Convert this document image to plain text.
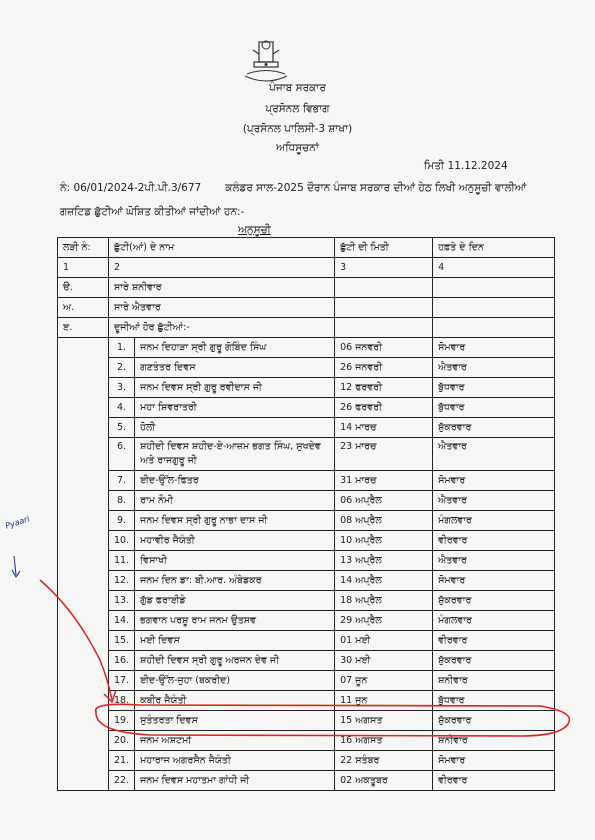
ਪੰਜਾਬ ਸਰਕਾਰ
ਪ੍ਰਸੋਨਲ ਵਿਭਾਗ
(ਪ੍ਰਸੋਨਲ ਪਾਲਿਸੀ-3 ਸ਼ਾਖਾ)
ਅਧਿਸੂਚਨਾਂ
ਮਿਤੀ 11.12.2024
ਨੰ: 06/01/2024-2ਪੀ.ਪੀ.3/677 ਕਲੰਡਰ ਸਾਲ-2025 ਦੌਰਾਨ ਪੰਜਾਬ ਸਰਕਾਰ ਦੀਆਂ ਹੇਠ ਲਿਖੀ ਅਨੁਸੂਚੀ ਵਾਲੀਆਂ
ਗਜ਼ਟਿਡ ਛੁੱਟੀਆਂ ਘੋਸ਼ਿਤ ਕੀਤੀਆਂ ਜਾਂਦੀਆਂ ਹਨ:-
ਅਨੁਸੂਚੀ
ਲੜੀ ਨੰ:	ਛੁੱਟੀ(ਆਂ) ਦੇ ਨਾਮ		ਛੁੱਟੀ ਦੀ ਮਿਤੀ	ਹਫ਼ਤੇ ਦੇ ਦਿਨ
1	2		3	4
ੳ.	ਸਾਰੇ ਸ਼ਨੀਵਾਰ			
ਅ.	ਸਾਰੇ ਐਤਵਾਰ			
ੲ.	ਦੂਜੀਆਂ ਹੋਰ ਛੁੱਟੀਆਂ:-			
	1.	ਜਨਮ ਦਿਹਾੜਾ ਸ੍ਰੀ ਗੁਰੂ ਗੋਬਿੰਦ ਸਿੰਘ	06 ਜਨਵਰੀ	ਸੋਮਵਾਰ
	2.	ਗਣਤੰਤਰ ਦਿਵਸ	26 ਜਨਵਰੀ	ਐਤਵਾਰ
	3.	ਜਨਮ ਦਿਵਸ ਸ੍ਰੀ ਗੁਰੂ ਰਵੀਦਾਸ ਜੀ	12 ਫਰਵਰੀ	ਬੁੱਧਵਾਰ
	4.	ਮਹਾ ਸ਼ਿਵਰਾਤਰੀ	26 ਫਰਵਰੀ	ਬੁੱਧਵਾਰ
	5.	ਹੋਲੀ	14 ਮਾਰਚ	ਸ਼ੁੱਕਰਵਾਰ
	6.	ਸ਼ਹੀਦੀ ਦਿਵਸ ਸ਼ਹੀਦ-ਏ-ਆਜ਼ਮ ਭਗਤ ਸਿੰਘ, ਸੁਖਦੇਵ ਅਤੇ ਰਾਜਗੁਰੂ ਜੀ	23 ਮਾਰਚ	ਐਤਵਾਰ
	7.	ਈਦ-ਉੱਲ-ਫਿਤਰ	31 ਮਾਰਚ	ਸੋਮਵਾਰ
	8.	ਰਾਮ ਨੌਮੀ	06 ਅਪ੍ਰੈਲ	ਐਤਵਾਰ
	9.	ਜਨਮ ਦਿਵਸ ਸ੍ਰੀ ਗੁਰੂ ਨਾਭਾ ਦਾਸ ਜੀ	08 ਅਪ੍ਰੈਲ	ਮੰਗਲਵਾਰ
	10.	ਮਹਾਵੀਰ ਜੈਯੰਤੀ	10 ਅਪ੍ਰੈਲ	ਵੀਰਵਾਰ
	11.	ਵਿਸਾਖੀ	13 ਅਪ੍ਰੈਲ	ਐਤਵਾਰ
	12.	ਜਨਮ ਦਿਨ ਡਾ: ਬੀ.ਆਰ. ਅੰਬੇਡਕਰ	14 ਅਪ੍ਰੈਲ	ਸੋਮਵਾਰ
	13.	ਗੁੱਡ ਫਰਾਈਡੇ	18 ਅਪ੍ਰੈਲ	ਸ਼ੁੱਕਰਵਾਰ
	14.	ਭਗਵਾਨ ਪਰਸ਼ੂ ਰਾਮ ਜਨਮ ਉਤਸਵ	29 ਅਪ੍ਰੈਲ	ਮੰਗਲਵਾਰ
	15.	ਮਈ ਦਿਵਸ	01 ਮਈ	ਵੀਰਵਾਰ
	16.	ਸ਼ਹੀਦੀ ਦਿਵਸ ਸ੍ਰੀ ਗੁਰੂ ਅਰਜਨ ਦੇਵ ਜੀ	30 ਮਈ	ਸ਼ੁੱਕਰਵਾਰ
	17.	ਈਦ-ਉੱਲ-ਜੁਹਾ (ਬਕਰੀਦ)	07 ਜੂਨ	ਸ਼ਨੀਵਾਰ
	18.	ਕਬੀਰ ਜੈਯੰਤੀ	11 ਜੂਨ	ਬੁੱਧਵਾਰ
	19.	ਸੁਤੰਤਰਤਾ ਦਿਵਸ	15 ਅਗਸਤ	ਸ਼ੁੱਕਰਵਾਰ
	20.	ਜਨਮ ਅਸ਼ਟਮੀ	16 ਅਗਸਤ	ਸ਼ਨੀਵਾਰ
	21.	ਮਹਾਰਾਜ ਅਗਰਸੈਨ ਜੈਯੰਤੀ	22 ਸਤੰਬਰ	ਸੋਮਵਾਰ
	22.	ਜਨਮ ਦਿਵਸ ਮਹਾਤਮਾ ਗਾਂਧੀ ਜੀ	02 ਅਕਤੂਬਰ	ਵੀਰਵਾਰ
Pyaari
